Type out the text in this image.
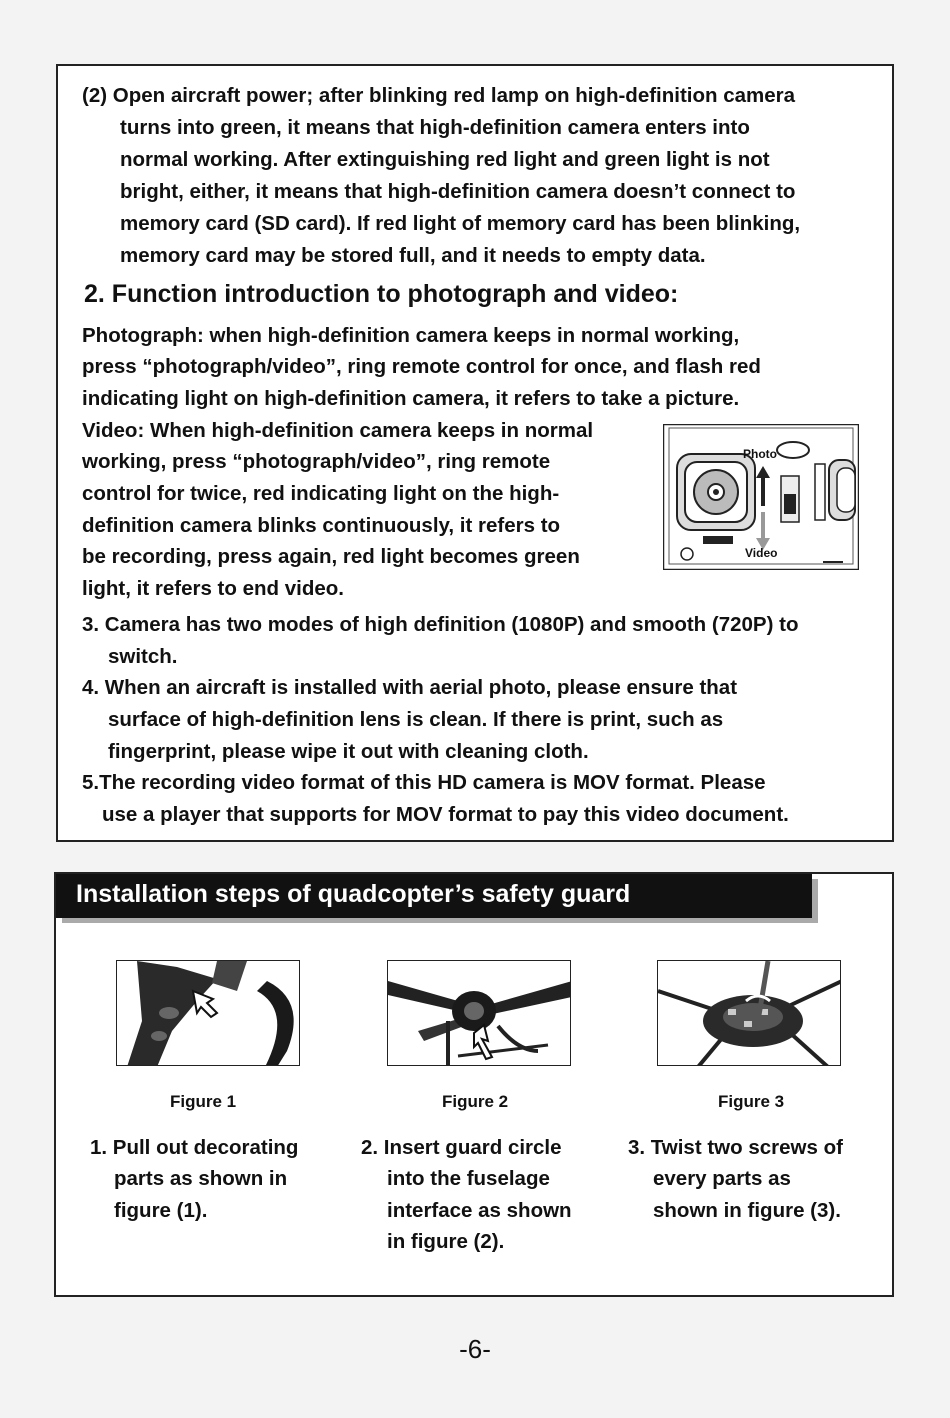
(2) Open aircraft power; after blinking red lamp on high-definition camera

turns into green, it means that high-definition camera enters into

normal working. After extinguishing red light and green light is not

bright, either, it means that high-definition camera doesn’t connect to

memory card (SD card). If red light of memory card has been blinking,

memory card may be stored full, and it needs to empty data.

2. Function introduction to photograph and video:

Photograph: when high-definition camera keeps in normal working,

press “photograph/video”, ring remote control for once, and flash red

indicating light on high-definition camera, it refers to take a picture.

Video: When high-definition camera keeps in normal

working, press “photograph/video”, ring remote

control for twice, red indicating light on the high-

definition camera blinks continuously, it refers to

be recording, press again, red light becomes green

light, it refers to end video.

Photo
Video

3. Camera has two modes of high definition (1080P) and smooth (720P) to

switch.

4. When an aircraft is installed with aerial photo, please ensure that

surface of high-definition lens is clean. If there is print, such as

fingerprint, please wipe it out with cleaning cloth.

5.The recording video format of this HD camera is MOV format. Please

use a player that supports for MOV format to pay this video document.

Installation steps of quadcopter’s safety guard
Figure 1	Figure 2	Figure 3

1. Pull out decorating

parts as shown in

figure (1).

2. Insert guard circle

into the fuselage

interface as shown

in figure (2).

3. Twist two screws of

every parts as

shown in figure (3).

-6-
